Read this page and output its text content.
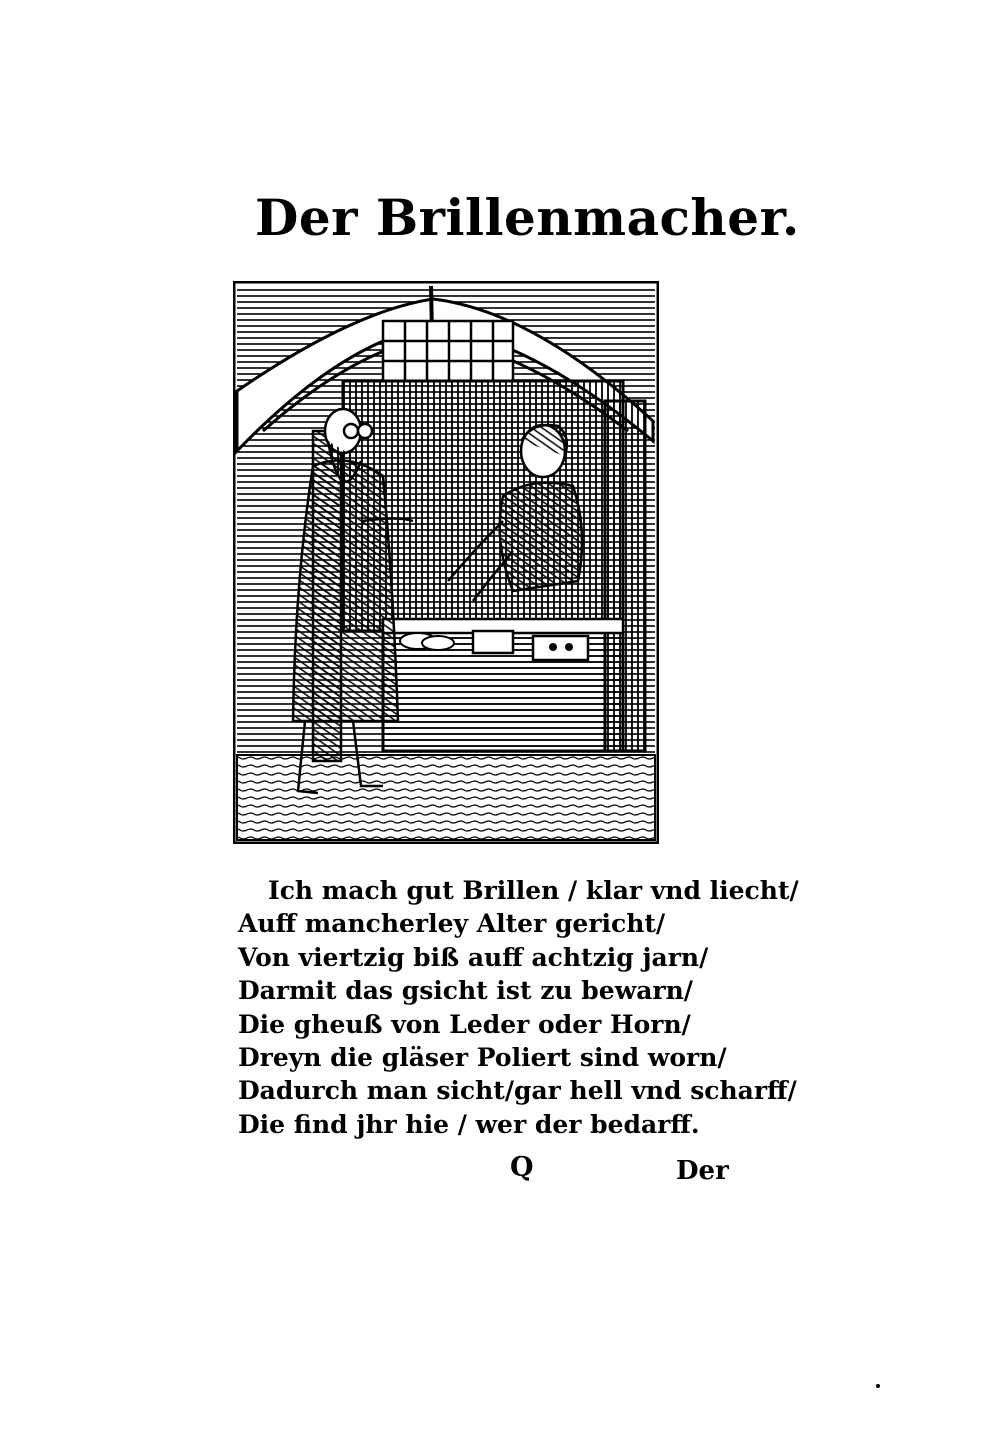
Der Brillenmacher.
Ich mach gut Brillen / klar vnd liecht/
Auff mancherley Alter gericht/
Von viertzig biß auff achtzig jarn/
Darmit das gsicht ist zu bewarn/
Die gheuß von Leder oder Horn/
Dreyn die gläser Poliert sind worn/
Dadurch man sicht/gar hell vnd scharff/
Die find jhr hie / wer der bedarff.
Q	Der
